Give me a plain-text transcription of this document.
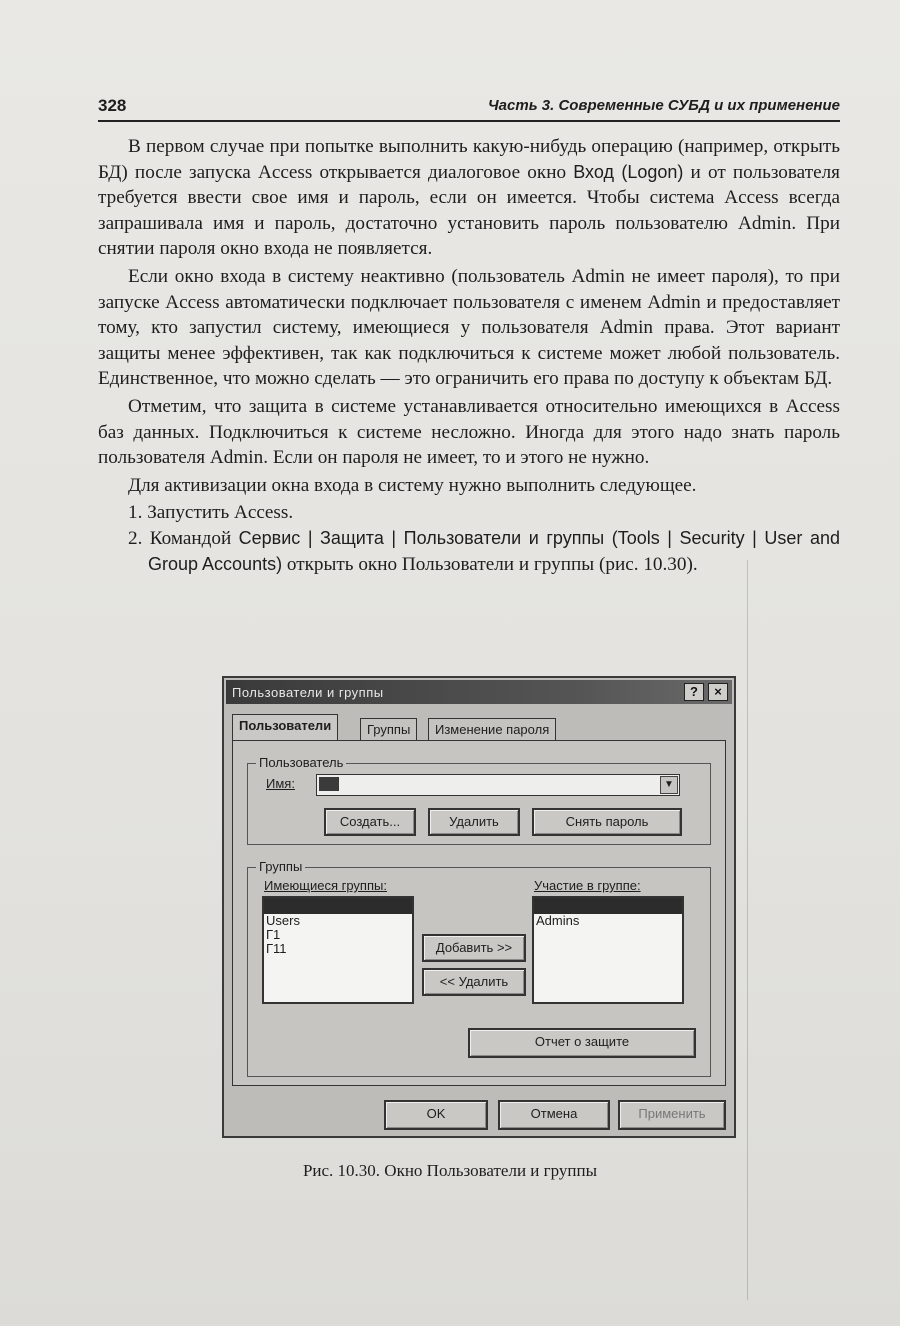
328	Часть 3. Современные СУБД и их применение

В первом случае при попытке выполнить какую-нибудь операцию (например, открыть БД) после запуска Access открывается диалоговое окно Вход (Logon) и от пользователя требуется ввести свое имя и пароль, если он имеется. Чтобы система Access всегда запрашивала имя и пароль, достаточно установить пароль пользователю Admin. При снятии пароля окно входа не появляется.

Если окно входа в систему неактивно (пользователь Admin не имеет пароля), то при запуске Access автоматически подключает пользователя с именем Admin и предоставляет тому, кто запустил систему, имеющиеся у пользователя Admin права. Этот вариант защиты менее эффективен, так как подключиться к системе может любой пользователь. Единственное, что можно сделать — это ограничить его права по доступу к объектам БД.

Отметим, что защита в системе устанавливается относительно имеющихся в Access баз данных. Подключиться к системе несложно. Иногда для этого надо знать пароль пользователя Admin. Если он пароля не имеет, то и этого не нужно.

Для активизации окна входа в систему нужно выполнить следующее.

1. Запустить Access.
2. Командой Сервис | Защита | Пользователи и группы (Tools | Security | User and Group Accounts) открыть окно Пользователи и группы (рис. 10.30).
Пользователи и группы	?	×
Пользователи	Группы	Изменение пароля
Пользователь
Имя:	▼
Создать...	Удалить	Снять пароль
Группы
Имеющиеся группы:
Users
Г1
Г11	Добавить >>
<< Удалить
Участие в группе:
Admins
Отчет о защите
OK	Отмена	Применить
Рис. 10.30. Окно Пользователи и группы
